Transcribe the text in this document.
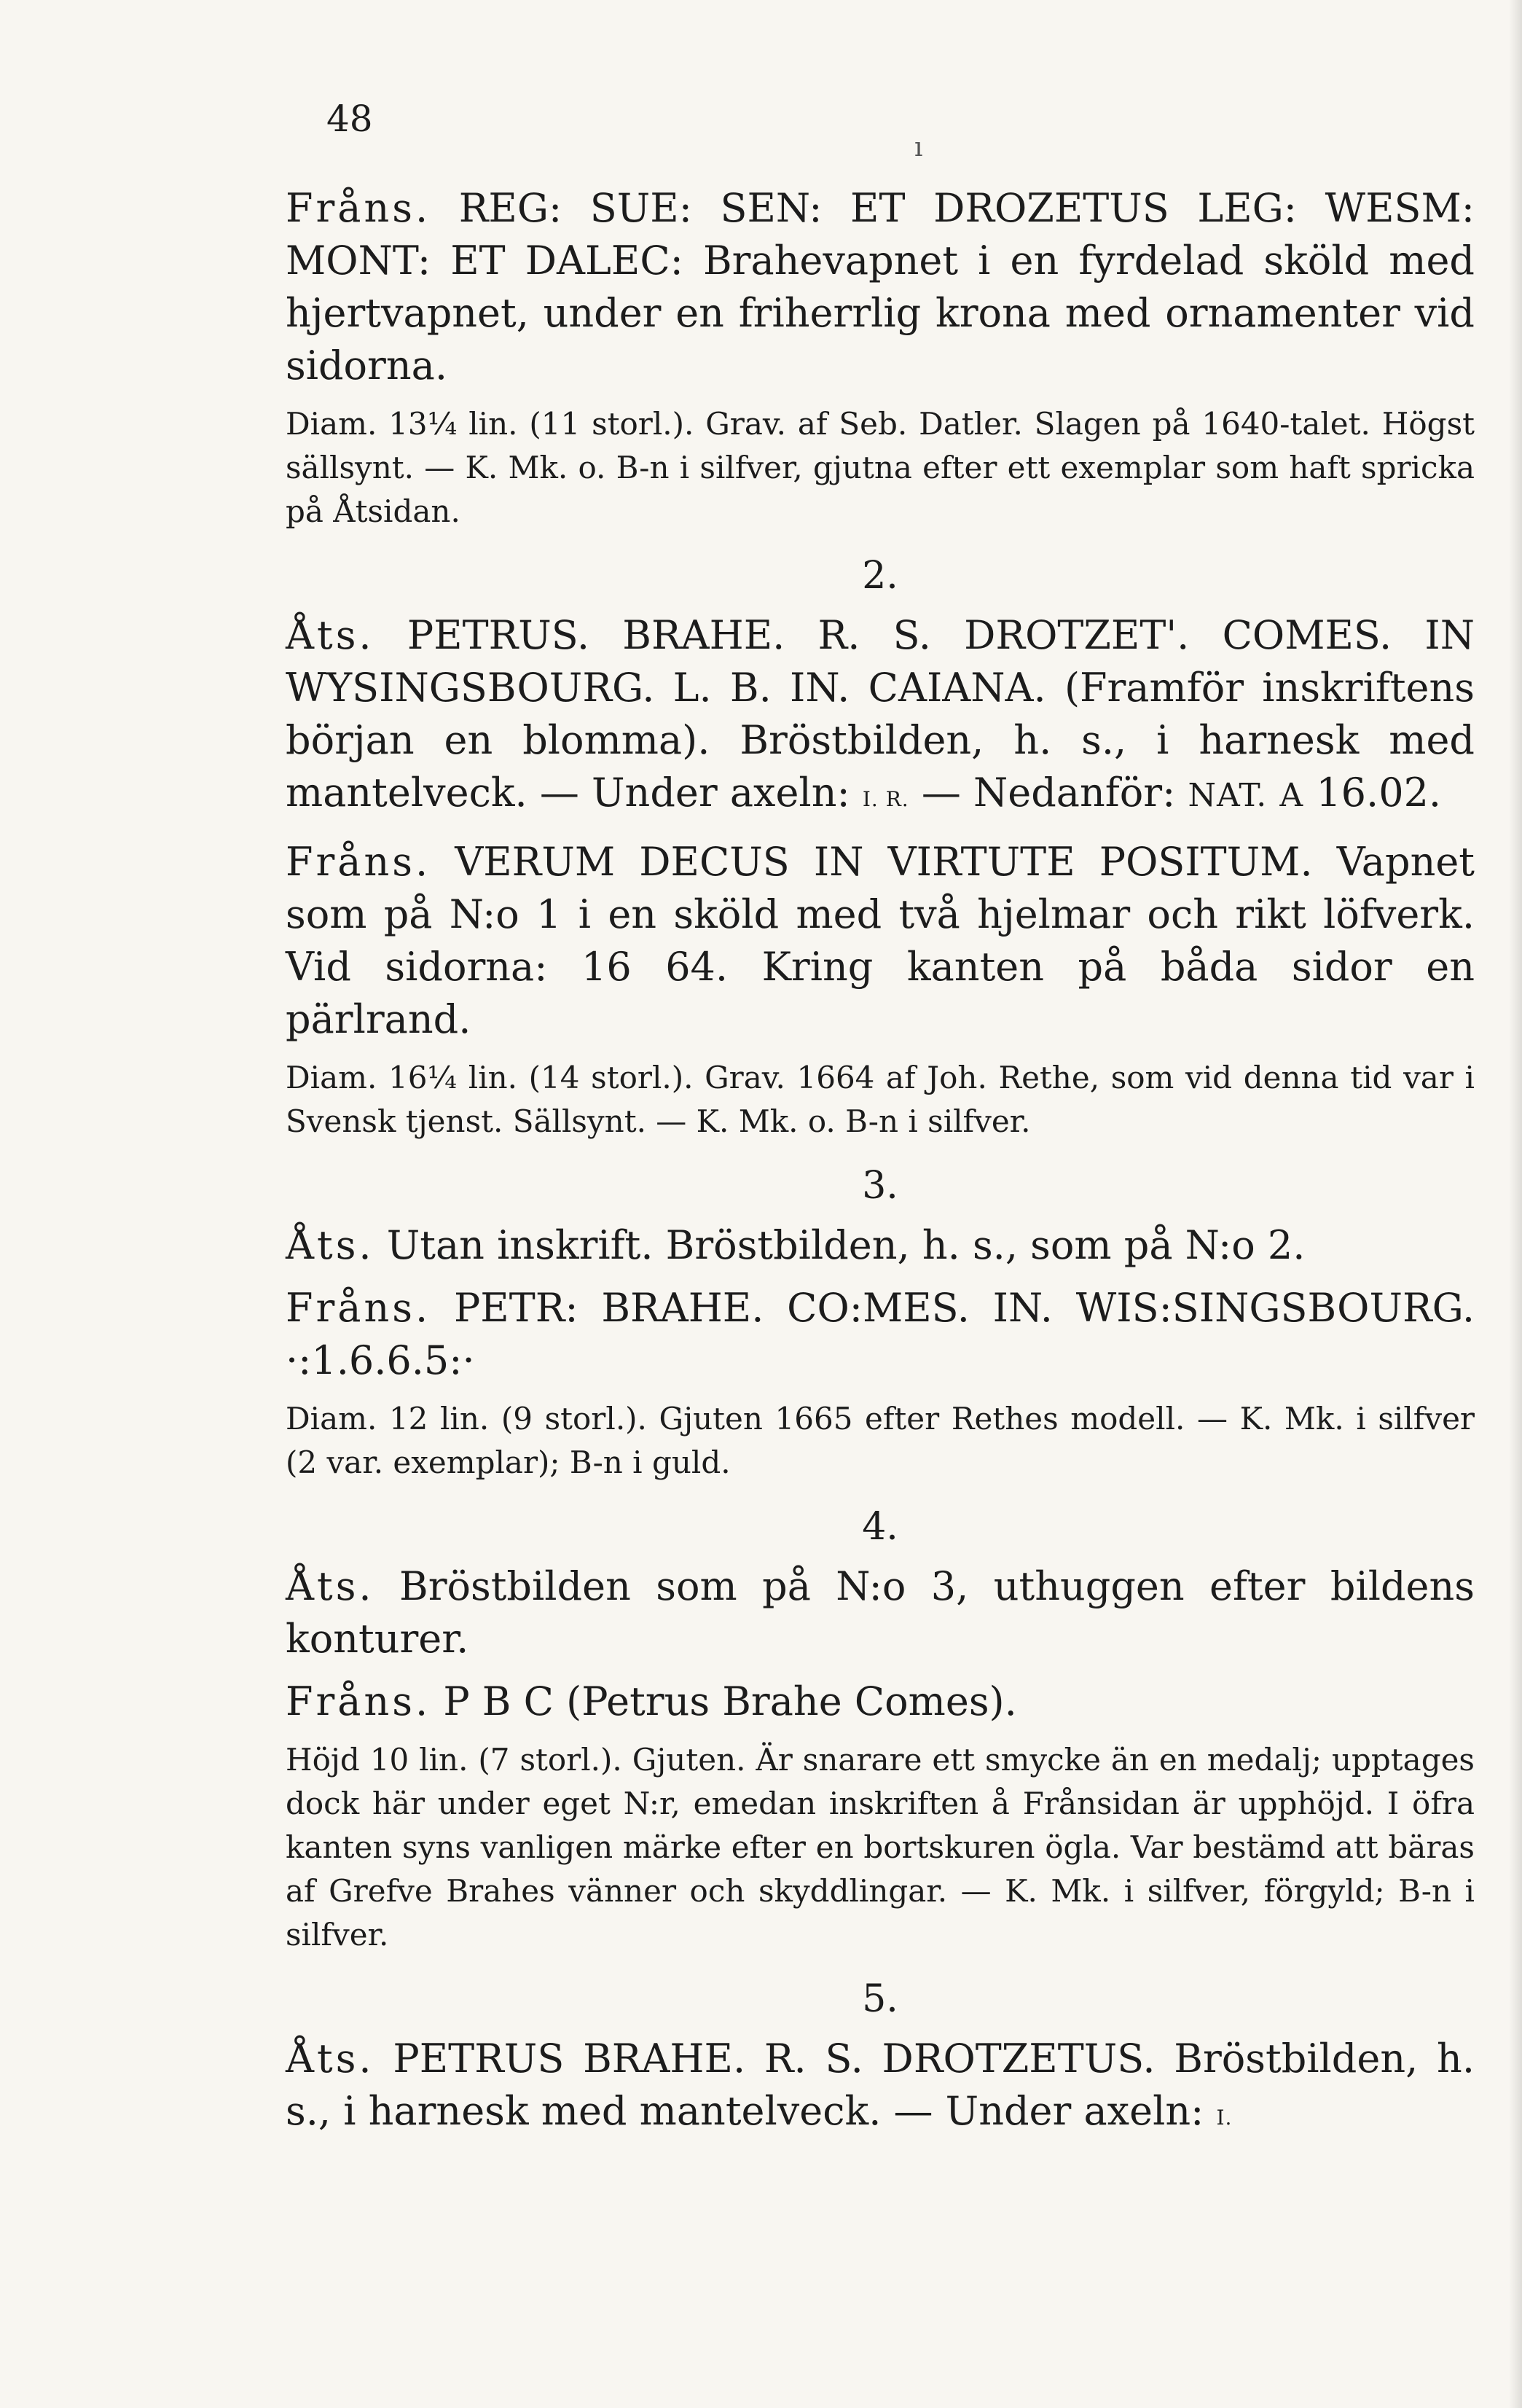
48
ı

Fråns. REG: SUE: SEN: ET DROZETUS LEG: WESM: MONT: ET DALEC: Brahevapnet i en fyrdelad sköld med hjertvapnet, under en friherrlig krona med ornamenter vid sidorna.

Diam. 13¼ lin. (11 storl.). Grav. af Seb. Datler. Slagen på 1640-talet. Högst sällsynt. — K. Mk. o. B-n i silfver, gjutna efter ett exemplar som haft spricka på Åtsidan.

2.

Åts. PETRUS. BRAHE. R. S. DROTZET'. COMES. IN WYSINGSBOURG. L. B. IN. CAIANA. (Framför inskriftens början en blomma). Bröstbilden, h. s., i harnesk med mantelveck. — Under axeln: I. R. — Nedanför: NAT. A 16.02.

Fråns. VERUM DECUS IN VIRTUTE POSITUM. Vapnet som på N:o 1 i en sköld med två hjelmar och rikt löfverk. Vid sidorna: 16 64. Kring kanten på båda sidor en pärlrand.

Diam. 16¼ lin. (14 storl.). Grav. 1664 af Joh. Rethe, som vid denna tid var i Svensk tjenst. Sällsynt. — K. Mk. o. B-n i silfver.

3.

Åts. Utan inskrift. Bröstbilden, h. s., som på N:o 2.

Fråns. PETR: BRAHE. CO:MES. IN. WIS:SINGSBOURG. ·:1.6.6.5:·

Diam. 12 lin. (9 storl.). Gjuten 1665 efter Rethes modell. — K. Mk. i silfver (2 var. exemplar); B-n i guld.

4.

Åts. Bröstbilden som på N:o 3, uthuggen efter bildens konturer.

Fråns. P B C (Petrus Brahe Comes).

Höjd 10 lin. (7 storl.). Gjuten. Är snarare ett smycke än en medalj; upptages dock här under eget N:r, emedan inskriften å Frånsidan är upphöjd. I öfra kanten syns vanligen märke efter en bortskuren ögla. Var bestämd att bäras af Grefve Brahes vänner och skyddlingar. — K. Mk. i silfver, förgyld; B-n i silfver.

5.

Åts. PETRUS BRAHE. R. S. DROTZETUS. Bröstbilden, h. s., i harnesk med mantelveck. — Under axeln: I.
